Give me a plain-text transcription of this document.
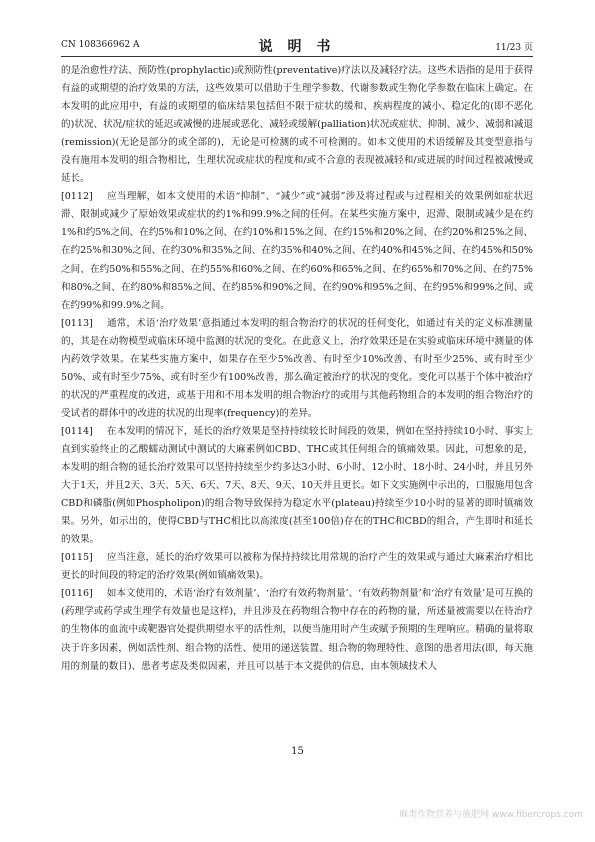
CN 108366962 A	说 明 书	11/23 页

的是治愈性疗法、预防性(prophylactic)或预防性(preventative)疗法以及减轻疗法。这些术语指的是用于获得有益的或期望的治疗效果的方法，这些效果可以借助于生理学参数、代谢参数或生物化学参数在临床上确定。在本发明的此应用中，有益的或期望的临床结果包括但不限于症状的缓和、疾病程度的减小、稳定化的(即不恶化的)状况、状况/症状的延迟或减慢的进展或恶化、减轻或缓解(palliation)状况或症状、抑制、减少、减弱和减退(remission)(无论是部分的或全部的)，无论是可检测的或不可检测的。如本文使用的术语缓解及其变型意指与没有施用本发明的组合物相比，生理状况或症状的程度和/或不合意的表现被减轻和/或进展的时间过程被减慢或延长。

[0112] 应当理解，如本文使用的术语“抑制”、“减少”或“减弱”涉及将过程或与过程相关的效果例如症状迟滞、限制或减少了原始效果或症状的约1%和99.9%之间的任何。在某些实施方案中，迟滞、限制或减少是在约1%和约5%之间、在约5%和10%之间、在约10%和15%之间、在约15%和20%之间、在约20%和25%之间、在约25%和30%之间、在约30%和35%之间、在约35%和40%之间、在约40%和45%之间、在约45%和50%之间、在约50%和55%之间、在约55%和60%之间、在约60%和65%之间、在约65%和70%之间、在约75%和80%之间、在约80%和85%之间、在约85%和90%之间、在约90%和95%之间、在约95%和99%之间、或在约99%和99.9%之间。

[0113] 通常，术语‘治疗效果’意指通过本发明的组合物治疗的状况的任何变化，如通过有关的定义标准测量的，其是在动物模型或临床环境中监测的状况的变化。在此意义上，治疗效果还是在实验或临床环境中测量的体内药效学效果。在某些实施方案中，如果存在至少5%改善、有时至少10%改善、有时至少25%、或有时至少50%、或有时至少75%、或有时至少有100%改善，那么确定被治疗的状况的变化。变化可以基于个体中被治疗的状况的严重程度的改进，或基于用和不用本发明的组合物治疗的或用与其他药物组合的本发明的组合物治疗的受试者的群体中的改进的状况的出现率(frequency)的差异。

[0114] 在本发明的情况下，延长的治疗效果是坚持持续较长时间段的效果，例如在坚持持续10小时、事实上直到实验终止的乙酸蠕动测试中测试的大麻素例如CBD、THC或其任何组合的镇痛效果。因此，可想象的是，本发明的组合物的延长治疗效果可以坚持持续至少约多达3小时、6小时、12小时、18小时、24小时，并且另外大于1天，并且2天、3天、5天、6天、7天、8天、9天、10天并且更长。如下文实施例中示出的，口服施用包含CBD和磷脂(例如Phospholipon)的组合物导致保持为稳定水平(plateau)持续至少10小时的显著的即时镇痛效果。另外，如示出的，使得CBD与THC相比以高浓度(甚至100倍)存在的THC和CBD的组合，产生即时和延长的效果。

[0115] 应当注意，延长的治疗效果可以被称为保持持续比用常规的治疗产生的效果或与通过大麻素治疗相比更长的时间段的特定的治疗效果(例如镇痛效果)。

[0116] 如本文使用的，术语‘治疗有效剂量’、‘治疗有效药物剂量’、‘有效药物剂量’和‘治疗有效量’是可互换的(药理学或药学或生理学有效量也是这样)，并且涉及在药物组合物中存在的药物的量，所述量被需要以在待治疗的生物体的血流中或靶器官处提供期望水平的活性剂，以便当施用时产生或赋予预期的生理响应。精确的量将取决于许多因素，例如活性剂、组合物的活性、使用的递送装置、组合物的物理特性、意图的患者用法(即，每天施用的剂量的数目)、患者考虑及类似因素，并且可以基于本文提供的信息，由本领域技术人

15
麻类作物营养与施肥网 www.fibercrops.com
